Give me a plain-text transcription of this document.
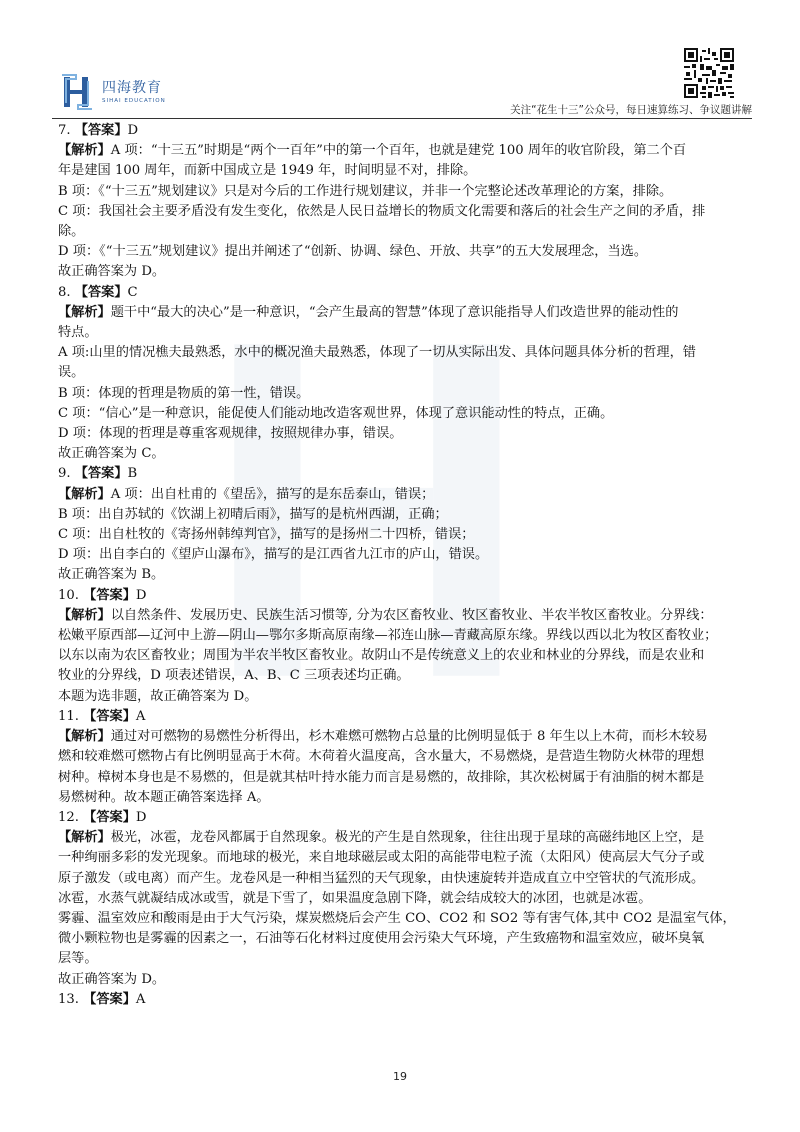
四海教育
SIHAI EDUCATION
关注“花生十三”公众号，每日速算练习、争议题讲解

7. 【答案】D

【解析】A 项：“十三五”时期是“两个一百年”中的第一个百年，也就是建党 100 周年的收官阶段，第二个百

年是建国 100 周年，而新中国成立是 1949 年，时间明显不对，排除。

B 项：《“十三五”规划建议》只是对今后的工作进行规划建议，并非一个完整论述改革理论的方案，排除。

C 项：我国社会主要矛盾没有发生变化，依然是人民日益增长的物质文化需要和落后的社会生产之间的矛盾，排

除。

D 项：《“十三五”规划建议》提出并阐述了“创新、协调、绿色、开放、共享”的五大发展理念，当选。

故正确答案为 D。

8. 【答案】C

【解析】题干中“最大的决心”是一种意识，“会产生最高的智慧”体现了意识能指导人们改造世界的能动性的

特点。

A 项:山里的情况樵夫最熟悉，水中的概况渔夫最熟悉，体现了一切从实际出发、具体问题具体分析的哲理，错

误。

B 项：体现的哲理是物质的第一性，错误。

C 项：“信心”是一种意识，能促使人们能动地改造客观世界，体现了意识能动性的特点，正确。

D 项：体现的哲理是尊重客观规律，按照规律办事，错误。

故正确答案为 C。

9. 【答案】B

【解析】A 项：出自杜甫的《望岳》，描写的是东岳泰山，错误；

B 项：出自苏轼的《饮湖上初晴后雨》，描写的是杭州西湖，正确；

C 项：出自杜牧的《寄扬州韩绰判官》，描写的是扬州二十四桥，错误；

D 项：出自李白的《望庐山瀑布》，描写的是江西省九江市的庐山，错误。

故正确答案为 B。

10. 【答案】D

【解析】以自然条件、发展历史、民族生活习惯等, 分为农区畜牧业、牧区畜牧业、半农半牧区畜牧业。分界线：

松嫩平原西部—辽河中上游—阴山—鄂尔多斯高原南缘—祁连山脉—青藏高原东缘。界线以西以北为牧区畜牧业；

以东以南为农区畜牧业；周围为半农半牧区畜牧业。故阴山不是传统意义上的农业和林业的分界线，而是农业和

牧业的分界线，D 项表述错误，A、B、C 三项表述均正确。

本题为选非题，故正确答案为 D。

11. 【答案】A

【解析】通过对可燃物的易燃性分析得出，杉木难燃可燃物占总量的比例明显低于 8 年生以上木荷，而杉木较易

燃和较难燃可燃物占有比例明显高于木荷。木荷着火温度高，含水量大，不易燃烧，是营造生物防火林带的理想

树种。樟树本身也是不易燃的，但是就其枯叶持水能力而言是易燃的，故排除，其次松树属于有油脂的树木都是

易燃树种。故本题正确答案选择 A。

12. 【答案】D

【解析】极光，冰雹，龙卷风都属于自然现象。极光的产生是自然现象，往往出现于星球的高磁纬地区上空，是

一种绚丽多彩的发光现象。而地球的极光，来自地球磁层或太阳的高能带电粒子流（太阳风）使高层大气分子或

原子激发（或电离）而产生。龙卷风是一种相当猛烈的天气现象，由快速旋转并造成直立中空管状的气流形成。

冰雹，水蒸气就凝结成冰或雪，就是下雪了，如果温度急剧下降，就会结成较大的冰团，也就是冰雹。

雾霾、温室效应和酸雨是由于大气污染，煤炭燃烧后会产生 CO、CO2 和 SO2 等有害气体,其中 CO2 是温室气体，

微小颗粒物也是雾霾的因素之一，石油等石化材料过度使用会污染大气环境，产生致癌物和温室效应，破坏臭氧

层等。

故正确答案为 D。

13. 【答案】A

19
